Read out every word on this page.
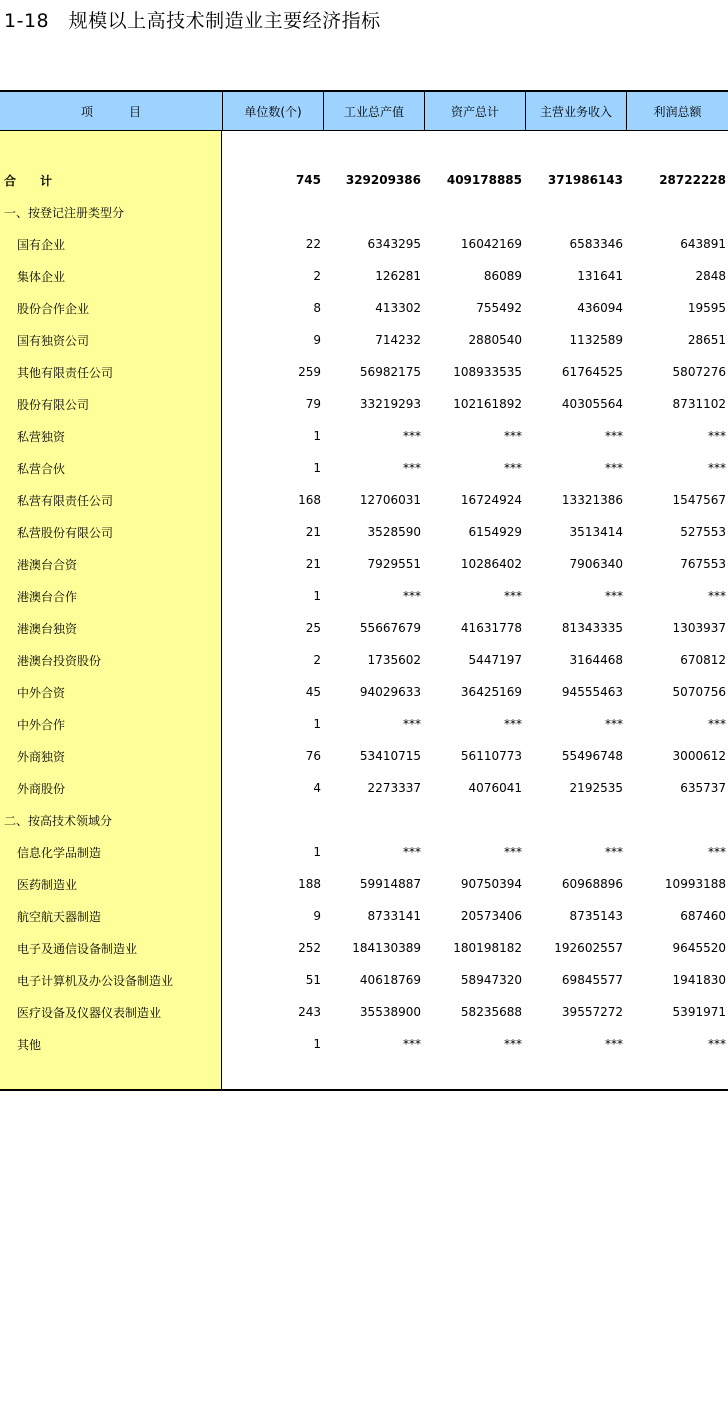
1-18　规模以上高技术制造业主要经济指标
项　　　目	单位数(个)	工业总产值	资产总计	主营业务收入	利润总额
合　　计	745	329209386	409178885	371986143	28722228
一、按登记注册类型分
国有企业	22	6343295	16042169	6583346	643891
集体企业	2	126281	86089	131641	2848
股份合作企业	8	413302	755492	436094	19595
国有独资公司	9	714232	2880540	1132589	28651
其他有限责任公司	259	56982175	108933535	61764525	5807276
股份有限公司	79	33219293	102161892	40305564	8731102
私营独资	1	***	***	***	***
私营合伙	1	***	***	***	***
私营有限责任公司	168	12706031	16724924	13321386	1547567
私营股份有限公司	21	3528590	6154929	3513414	527553
港澳台合资	21	7929551	10286402	7906340	767553
港澳台合作	1	***	***	***	***
港澳台独资	25	55667679	41631778	81343335	1303937
港澳台投资股份	2	1735602	5447197	3164468	670812
中外合资	45	94029633	36425169	94555463	5070756
中外合作	1	***	***	***	***
外商独资	76	53410715	56110773	55496748	3000612
外商股份	4	2273337	4076041	2192535	635737
二、按高技术领域分
信息化学品制造	1	***	***	***	***
医药制造业	188	59914887	90750394	60968896	10993188
航空航天器制造	9	8733141	20573406	8735143	687460
电子及通信设备制造业	252	184130389	180198182	192602557	9645520
电子计算机及办公设备制造业	51	40618769	58947320	69845577	1941830
医疗设备及仪器仪表制造业	243	35538900	58235688	39557272	5391971
其他	1	***	***	***	***
